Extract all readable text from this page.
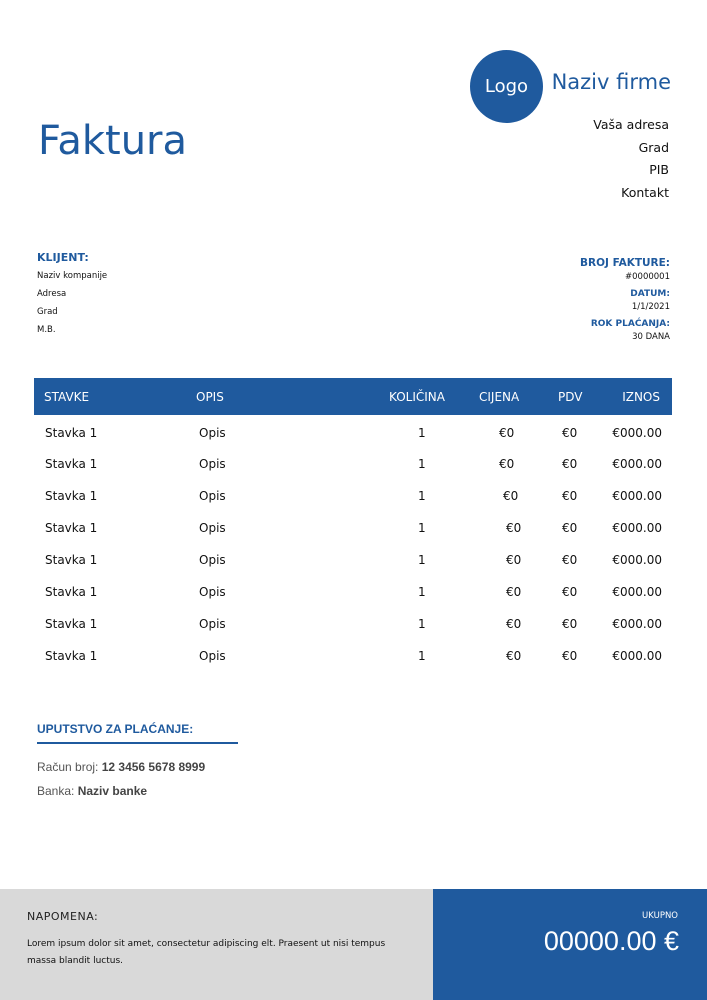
Logo Naziv firme
Vaša adresa
Grad
PIB
Kontakt
Faktura
KLIJENT:
Naziv kompanije
Adresa
Grad
M.B.
BROJ FAKTURE:
#0000001
DATUM:
1/1/2021
ROK PLAĆANJA:
30 DANA
STAVKE	OPIS	KOLIČINA	CIJENA	PDV	IZNOS
Stavka 1	Opis	1	€0	€0	€000.00
Stavka 1	Opis	1	€0	€0	€000.00
Stavka 1	Opis	1	€0	€0	€000.00
Stavka 1	Opis	1	€0	€0	€000.00
Stavka 1	Opis	1	€0	€0	€000.00
Stavka 1	Opis	1	€0	€0	€000.00
Stavka 1	Opis	1	€0	€0	€000.00
Stavka 1	Opis	1	€0	€0	€000.00
UPUTSTVO ZA PLAĆANJE:
Račun broj: 12 3456 5678 8999
Banka: Naziv banke
NAPOMENA:
Lorem ipsum dolor sit amet, consectetur adipiscing elt. Praesent ut nisi tempus massa blandit luctus.
UKUPNO
00000.00 €
